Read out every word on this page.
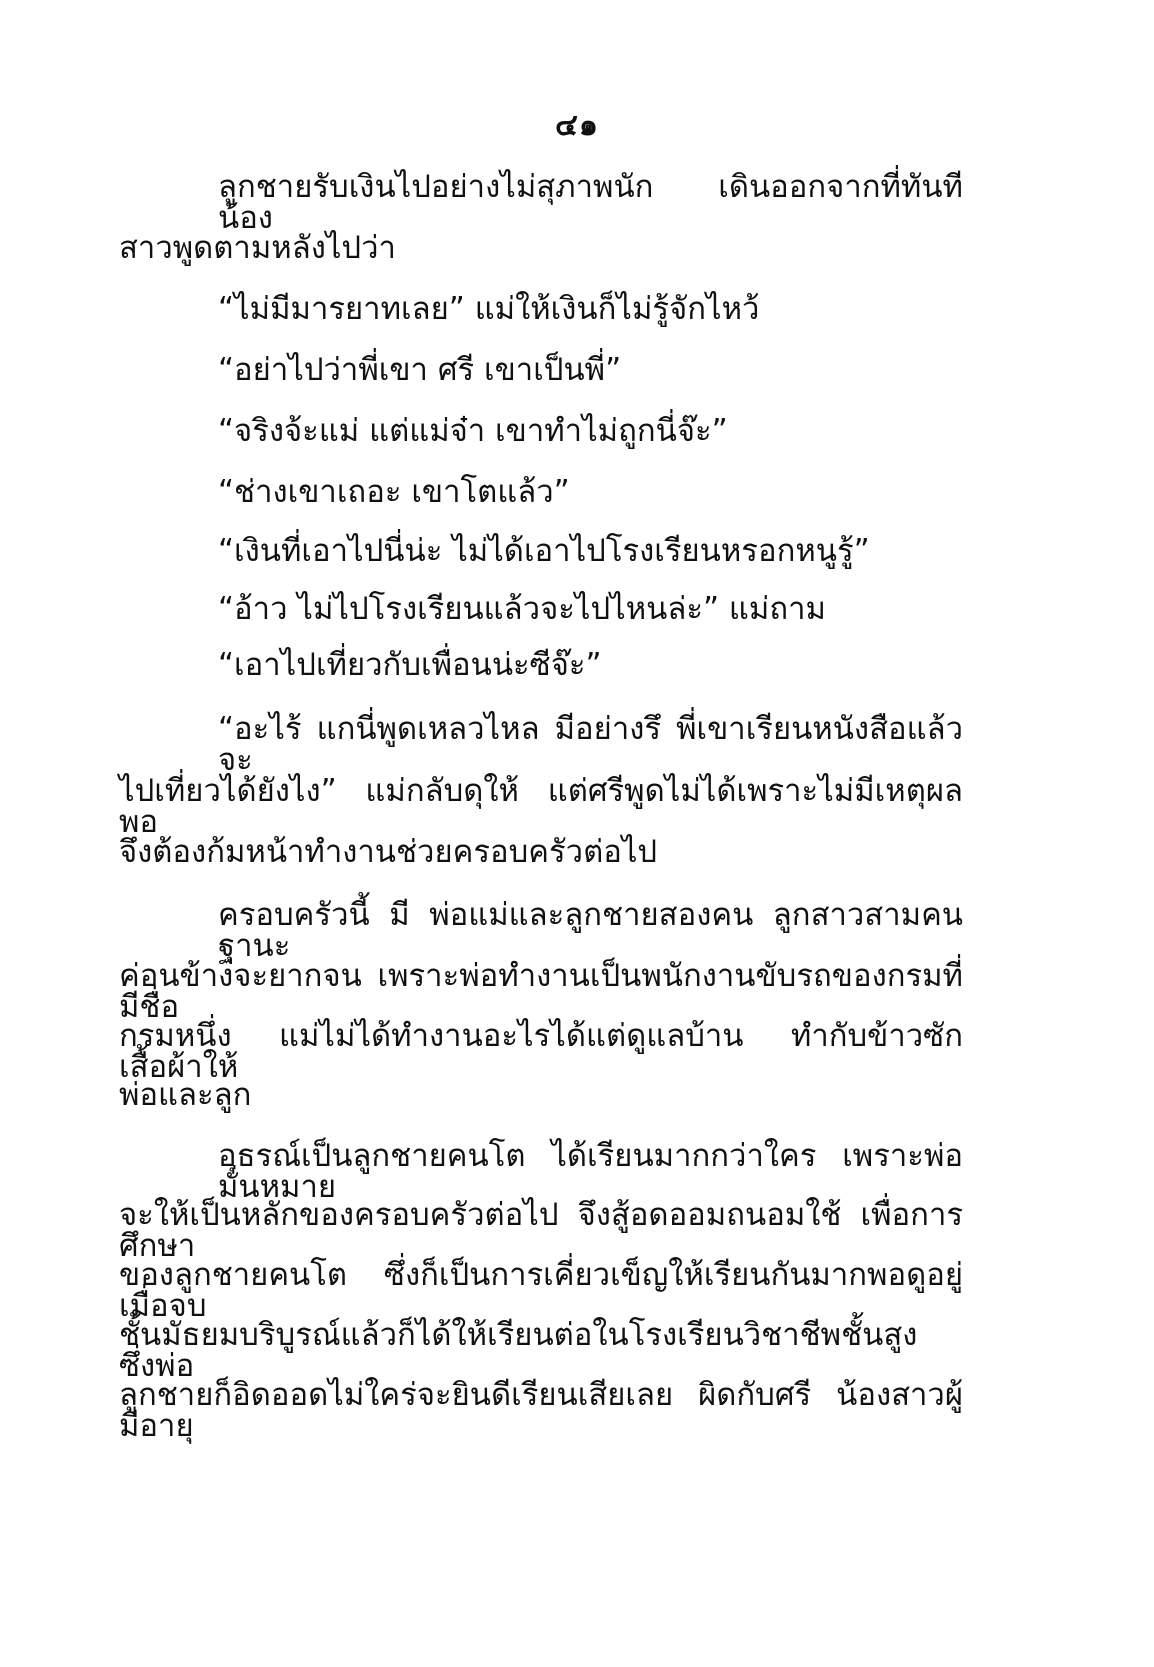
๔๑
ลูกชายรับเงินไปอย่างไม่สุภาพนัก เดินออกจากที่ทันที น้อง
สาวพูดตามหลังไปว่า
“ไม่มีมารยาทเลย” แม่ให้เงินก็ไม่รู้จักไหว้
“อย่าไปว่าพี่เขา ศรี เขาเป็นพี่”
“จริงจ้ะแม่ แต่แม่จ๋า เขาทำไม่ถูกนี่จ๊ะ”
“ช่างเขาเถอะ เขาโตแล้ว”
“เงินที่เอาไปนี่น่ะ ไม่ได้เอาไปโรงเรียนหรอกหนูรู้”
“อ้าว ไม่ไปโรงเรียนแล้วจะไปไหนล่ะ” แม่ถาม
“เอาไปเที่ยวกับเพื่อนน่ะซีจ๊ะ”
“อะไร้ แกนี่พูดเหลวไหล มีอย่างรึ พี่เขาเรียนหนังสือแล้วจะ
ไปเที่ยวได้ยังไง” แม่กลับดุให้ แต่ศรีพูดไม่ได้เพราะไม่มีเหตุผลพอ
จึงต้องก้มหน้าทำงานช่วยครอบครัวต่อไป
ครอบครัวนี้ มี พ่อแม่และลูกชายสองคน ลูกสาวสามคน ฐานะ
ค่อนข้างจะยากจน เพราะพ่อทำงานเป็นพนักงานขับรถของกรมที่มีชื่อ
กรมหนึ่ง แม่ไม่ได้ทำงานอะไรได้แต่ดูแลบ้าน ทำกับข้าวซักเสื้อผ้าให้
พ่อและลูก
อุธรณ์เป็นลูกชายคนโต ได้เรียนมากกว่าใคร เพราะพ่อมั่นหมาย
จะให้เป็นหลักของครอบครัวต่อไป จึงสู้อดออมถนอมใช้ เพื่อการศึกษา
ของลูกชายคนโต ซึ่งก็เป็นการเคี่ยวเข็ญให้เรียนกันมากพอดูอยู่ เมื่อจบ
ชั้นมัธยมบริบูรณ์แล้วก็ได้ให้เรียนต่อในโรงเรียนวิชาชีพชั้นสูง ซึ่งพ่อ
ลูกชายก็อิดออดไม่ใคร่จะยินดีเรียนเสียเลย ผิดกับศรี น้องสาวผู้มีอายุ
